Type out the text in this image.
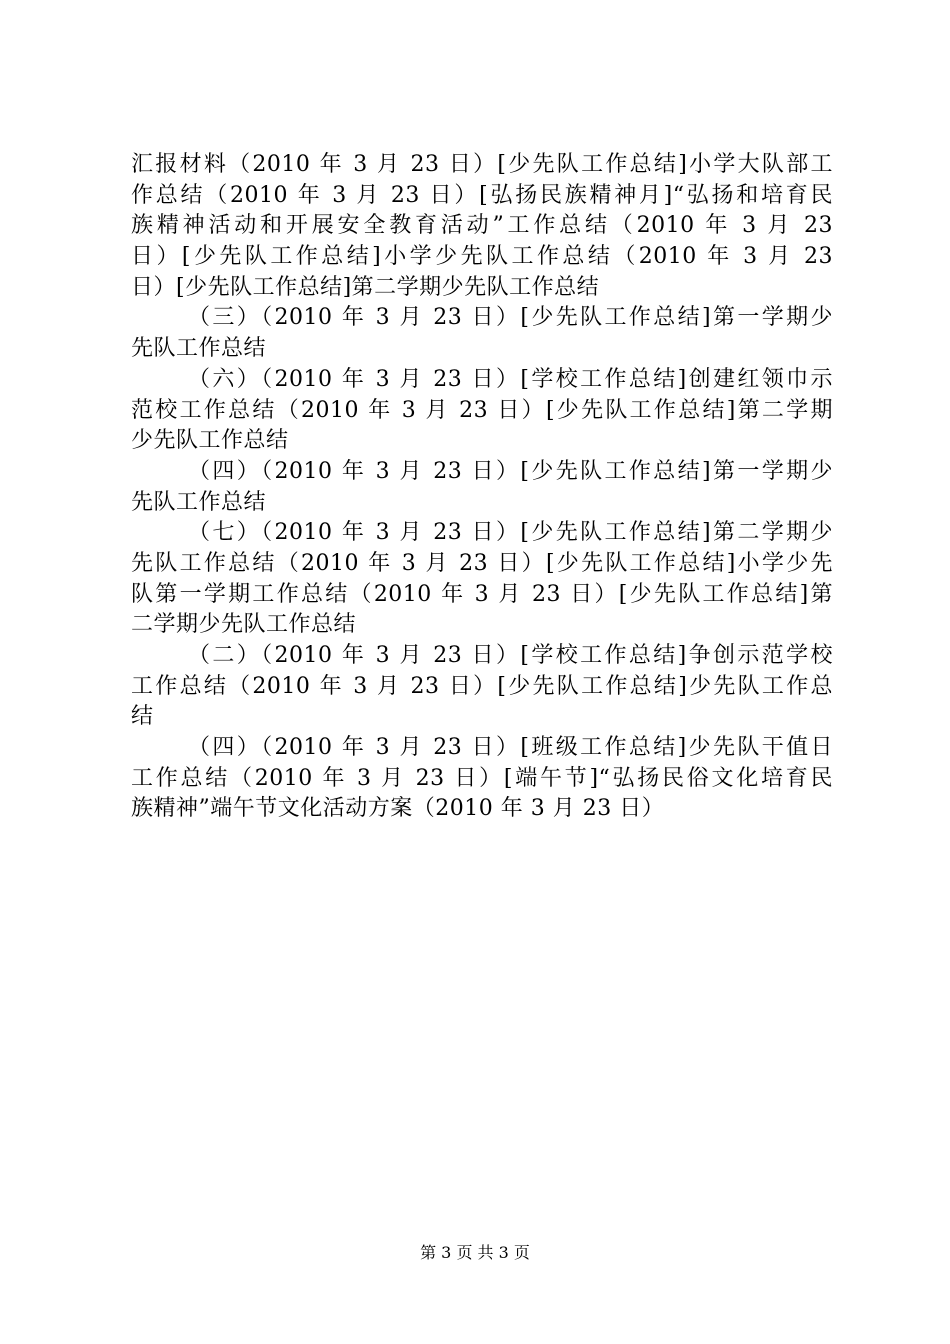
汇报材料（2010 年 3 月 23 日）[少先队工作总结]小学大队部工
作总结（2010 年 3 月 23 日）[弘扬民族精神月]“弘扬和培育民
族精神活动和开展安全教育活动”工作总结（2010 年 3 月 23
日）[少先队工作总结]小学少先队工作总结（2010 年 3 月 23
日）[少先队工作总结]第二学期少先队工作总结
（三）（2010 年 3 月 23 日）[少先队工作总结]第一学期少
先队工作总结
（六）（2010 年 3 月 23 日）[学校工作总结]创建红领巾示
范校工作总结（2010 年 3 月 23 日）[少先队工作总结]第二学期
少先队工作总结
（四）（2010 年 3 月 23 日）[少先队工作总结]第一学期少
先队工作总结
（七）（2010 年 3 月 23 日）[少先队工作总结]第二学期少
先队工作总结（2010 年 3 月 23 日）[少先队工作总结]小学少先
队第一学期工作总结（2010 年 3 月 23 日）[少先队工作总结]第
二学期少先队工作总结
（二）（2010 年 3 月 23 日）[学校工作总结]争创示范学校
工作总结（2010 年 3 月 23 日）[少先队工作总结]少先队工作总
结
（四）（2010 年 3 月 23 日）[班级工作总结]少先队干值日
工作总结（2010 年 3 月 23 日）[端午节]“弘扬民俗文化培育民
族精神”端午节文化活动方案（2010 年 3 月 23 日）
第 3 页 共 3 页
